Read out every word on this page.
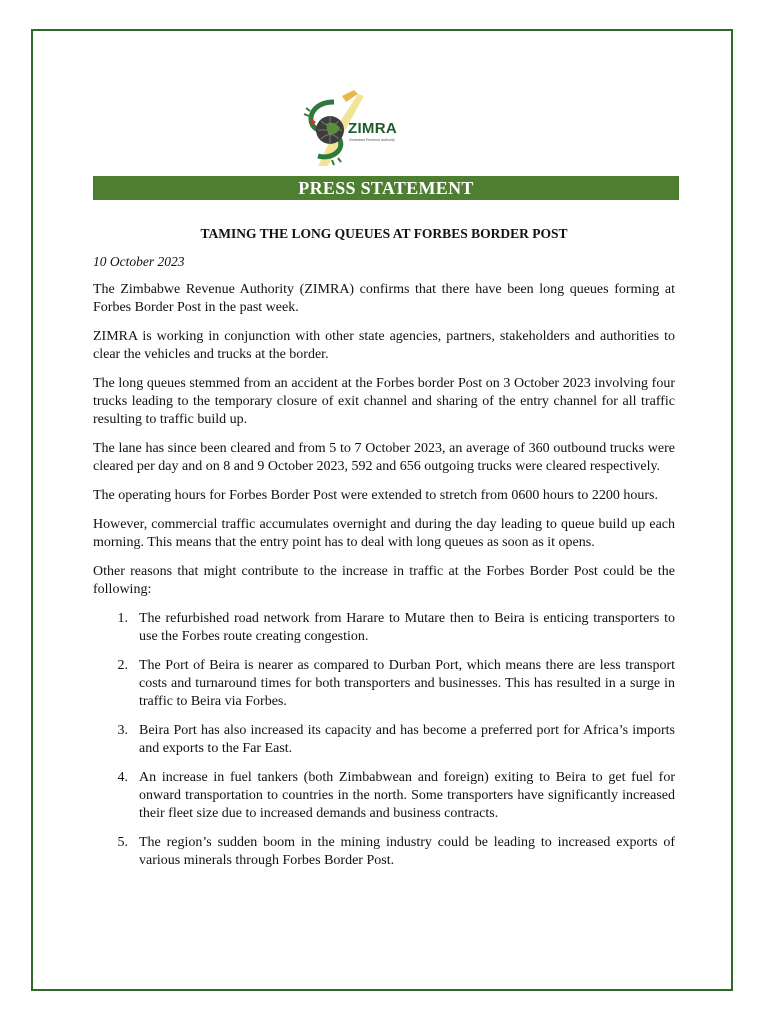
ZIMRA
Zimbabwe Revenue Authority
PRESS STATEMENT
TAMING THE LONG QUEUES AT FORBES BORDER POST
10 October 2023

The Zimbabwe Revenue Authority (ZIMRA) confirms that there have been long queues forming at Forbes Border Post in the past week.

ZIMRA is working in conjunction with other state agencies, partners, stakeholders and authorities to clear the vehicles and trucks at the border.

The long queues stemmed from an accident at the Forbes border Post on 3 October 2023 involving four trucks leading to the temporary closure of exit channel and sharing of the entry channel for all traffic resulting to traffic build up.

The lane has since been cleared and from 5 to 7 October 2023, an average of 360 outbound trucks were cleared per day and on 8 and 9 October 2023, 592 and 656 outgoing trucks were cleared respectively.

The operating hours for Forbes Border Post were extended to stretch from 0600 hours to 2200 hours.

However, commercial traffic accumulates overnight and during the day leading to queue build up each morning. This means that the entry point has to deal with long queues as soon as it opens.

Other reasons that might contribute to the increase in traffic at the Forbes Border Post could be the following:

1. The refurbished road network from Harare to Mutare then to Beira is enticing transporters to use the Forbes route creating congestion.
2. The Port of Beira is nearer as compared to Durban Port, which means there are less transport costs and turnaround times for both transporters and businesses. This has resulted in a surge in traffic to Beira via Forbes.
3. Beira Port has also increased its capacity and has become a preferred port for Africa’s imports and exports to the Far East.
4. An increase in fuel tankers (both Zimbabwean and foreign) exiting to Beira to get fuel for onward transportation to countries in the north. Some transporters have significantly increased their fleet size due to increased demands and business contracts.
5. The region’s sudden boom in the mining industry could be leading to increased exports of various minerals through Forbes Border Post.
